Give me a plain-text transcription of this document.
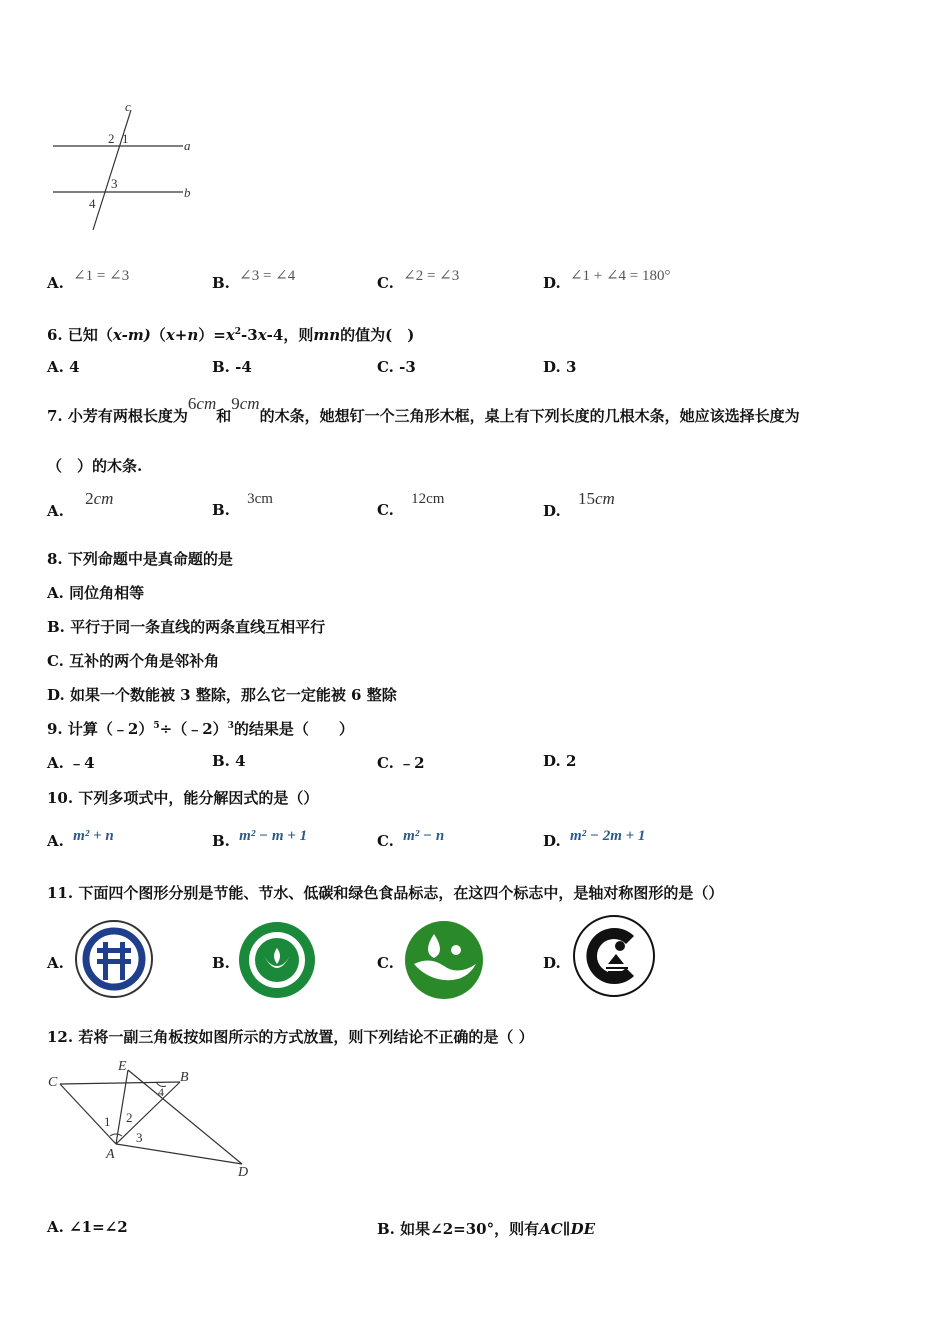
c
a
b
1
2
3
4
A. ∠1 = ∠3	B. ∠3 = ∠4	C. ∠2 = ∠3	D. ∠1 + ∠4 = 180°
6. 已知$(x-m)(x+n)=x^2-3x-4$，则mn的值为(　)
A. 4	B. -4	C. -3	D. 3
7. 小芳有两根长度为6cm和9cm的木条，她想钉一个三角形木框，桌上有下列长度的几根木条，她应该选择长度为
（　）的木条.
A. 2cm
B. 3cm
C. 12cm
D. 15cm
8. 下列命题中是真命题的是
A. 同位角相等
B. 平行于同一条直线的两条直线互相平行
C. 互补的两个角是邻补角
D. 如果一个数能被 3 整除，那么它一定能被 6 整除
9. 计算（﹣2）$^5$÷（﹣2）$^3$的结果是（　　）
A. ﹣4	B. 4	C. ﹣2	D. 2
10. 下列多项式中，能分解因式的是（）
A. m² + n	B. m² − m + 1	C. m² − n	D. m² − 2m + 1
11. 下面四个图形分别是节能、节水、低碳和绿色食品标志，在这四个标志中，是轴对称图形的是（）
A.	B.	C.	D.
12. 若将一副三角板按如图所示的方式放置，则下列结论不正确的是（ ）
C
E
B
4
1 2
3
A
D
A. ∠1=∠2	B. 如果∠2=30°，则有AC∥DE
